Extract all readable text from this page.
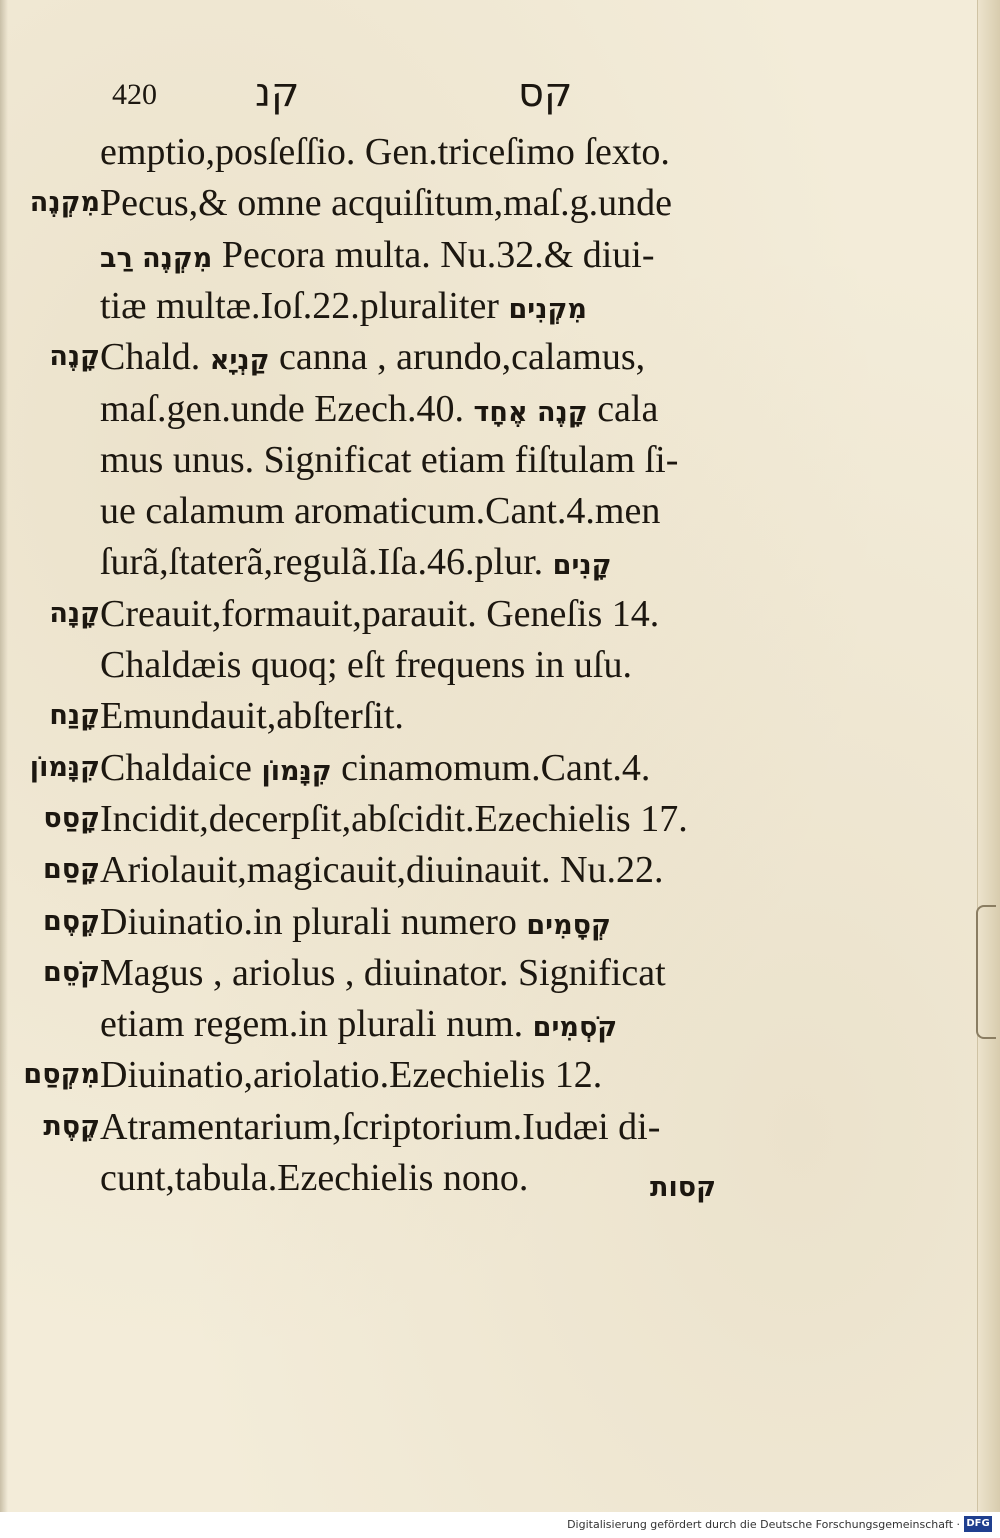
420 קנ	קס
emptio,posſeſſio. Gen.triceſimo ſexto.
מִקְנֶה Pecus,& omne acquiſitum,maſ.g.unde
מִקְנֶה רַב Pecora multa. Nu.32.& diui-
tiæ multæ.Ioſ.22.pluraliter מִקְנִים
קָנֶה Chald. קַנְיָא canna , arundo,calamus,
maſ.gen.unde Ezech.40. קָנֶה אֶחָד cala
mus unus. Significat etiam fiſtulam ſi-
ue calamum aromaticum.Cant.4.men
ſurã,ſtaterã,regulã.Iſa.46.plur. קָנִים
קָנָה Creauit,formauit,parauit. Geneſis 14.
Chaldæis quoq; eſt frequens in uſu.
קָנַח Emundauit,abſterſit.
קִנָּמוֹן Chaldaice קִנָּמוֹן cinamomum.Cant.4.
קָסַס Incidit,decerpſit,abſcidit.Ezechielis 17.
קָסַם Ariolauit,magicauit,diuinauit. Nu.22.
קֶסֶם Diuinatio.in plurali numero קְסָמִים
קֹסֵם Magus , ariolus , diuinator. Significat
etiam regem.in plurali num. קֹסְמִים
מִקְסַם Diuinatio,ariolatio.Ezechielis 12.
קֶסֶת Atramentarium,ſcriptorium.Iudæi di-
cunt,tabula.Ezechielis nono.	קסות
Digitalisierung gefördert durch die Deutsche Forschungsgemeinschaft · DFG
